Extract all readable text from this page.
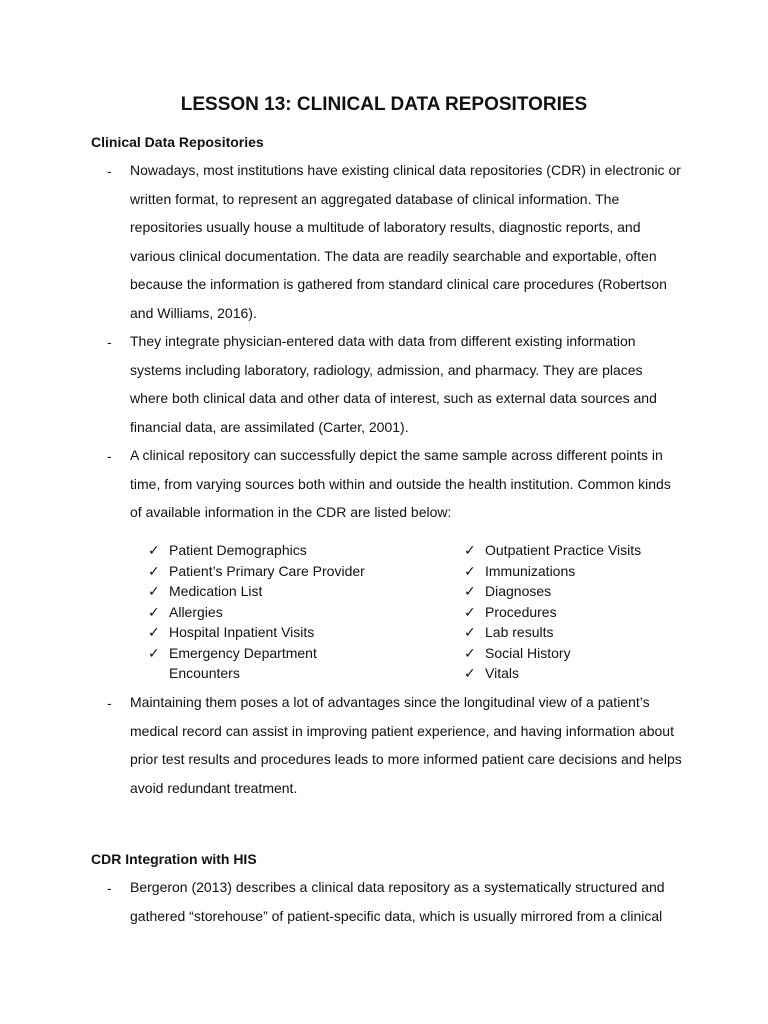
LESSON 13: CLINICAL DATA REPOSITORIES
Clinical Data Repositories
- Nowadays, most institutions have existing clinical data repositories (CDR) in electronic or written format, to represent an aggregated database of clinical information. The repositories usually house a multitude of laboratory results, diagnostic reports, and various clinical documentation. The data are readily searchable and exportable, often because the information is gathered from standard clinical care procedures (Robertson and Williams, 2016).
- They integrate physician-entered data with data from different existing information systems including laboratory, radiology, admission, and pharmacy. They are places where both clinical data and other data of interest, such as external data sources and financial data, are assimilated (Carter, 2001).
- A clinical repository can successfully depict the same sample across different points in time, from varying sources both within and outside the health institution. Common kinds of available information in the CDR are listed below:
✓ Patient Demographics
✓ Patient’s Primary Care Provider
✓ Medication List
✓ Allergies
✓ Hospital Inpatient Visits
✓ Emergency Department Encounters
✓ Outpatient Practice Visits
✓ Immunizations
✓ Diagnoses
✓ Procedures
✓ Lab results
✓ Social History
✓ Vitals
- Maintaining them poses a lot of advantages since the longitudinal view of a patient’s medical record can assist in improving patient experience, and having information about prior test results and procedures leads to more informed patient care decisions and helps avoid redundant treatment.
CDR Integration with HIS
- Bergeron (2013) describes a clinical data repository as a systematically structured and gathered “storehouse” of patient-specific data, which is usually mirrored from a clinical
